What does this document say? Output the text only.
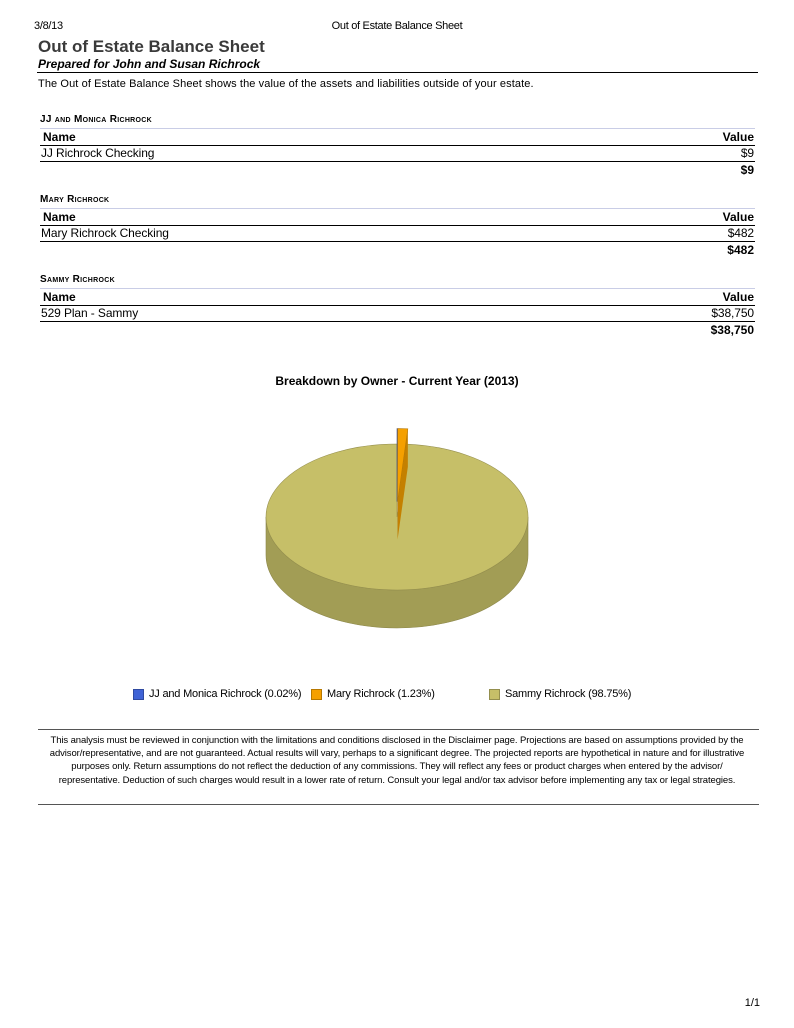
3/8/13	Out of Estate Balance Sheet
Out of Estate Balance Sheet
Prepared for John and Susan Richrock
The Out of Estate Balance Sheet shows the value of the assets and liabilities outside of your estate.
JJ and Monica Richrock
Name	Value
JJ Richrock Checking	$9
$9
Mary Richrock
Name	Value
Mary Richrock Checking	$482
$482
Sammy Richrock
Name	Value
529 Plan - Sammy	$38,750
$38,750
Breakdown by Owner - Current Year (2013)
JJ and Monica Richrock (0.02%) Mary Richrock (1.23%)	Sammy Richrock (98.75%)
This analysis must be reviewed in conjunction with the limitations and conditions disclosed in the Disclaimer page. Projections are based on assumptions provided by the advisor/representative, and are not guaranteed. Actual results will vary, perhaps to a significant degree. The projected reports are hypothetical in nature and for illustrative purposes only. Return assumptions do not reflect the deduction of any commissions. They will reflect any fees or product charges when entered by the advisor/ representative. Deduction of such charges would result in a lower rate of return. Consult your legal and/or tax advisor before implementing any tax or legal strategies.
1/1
